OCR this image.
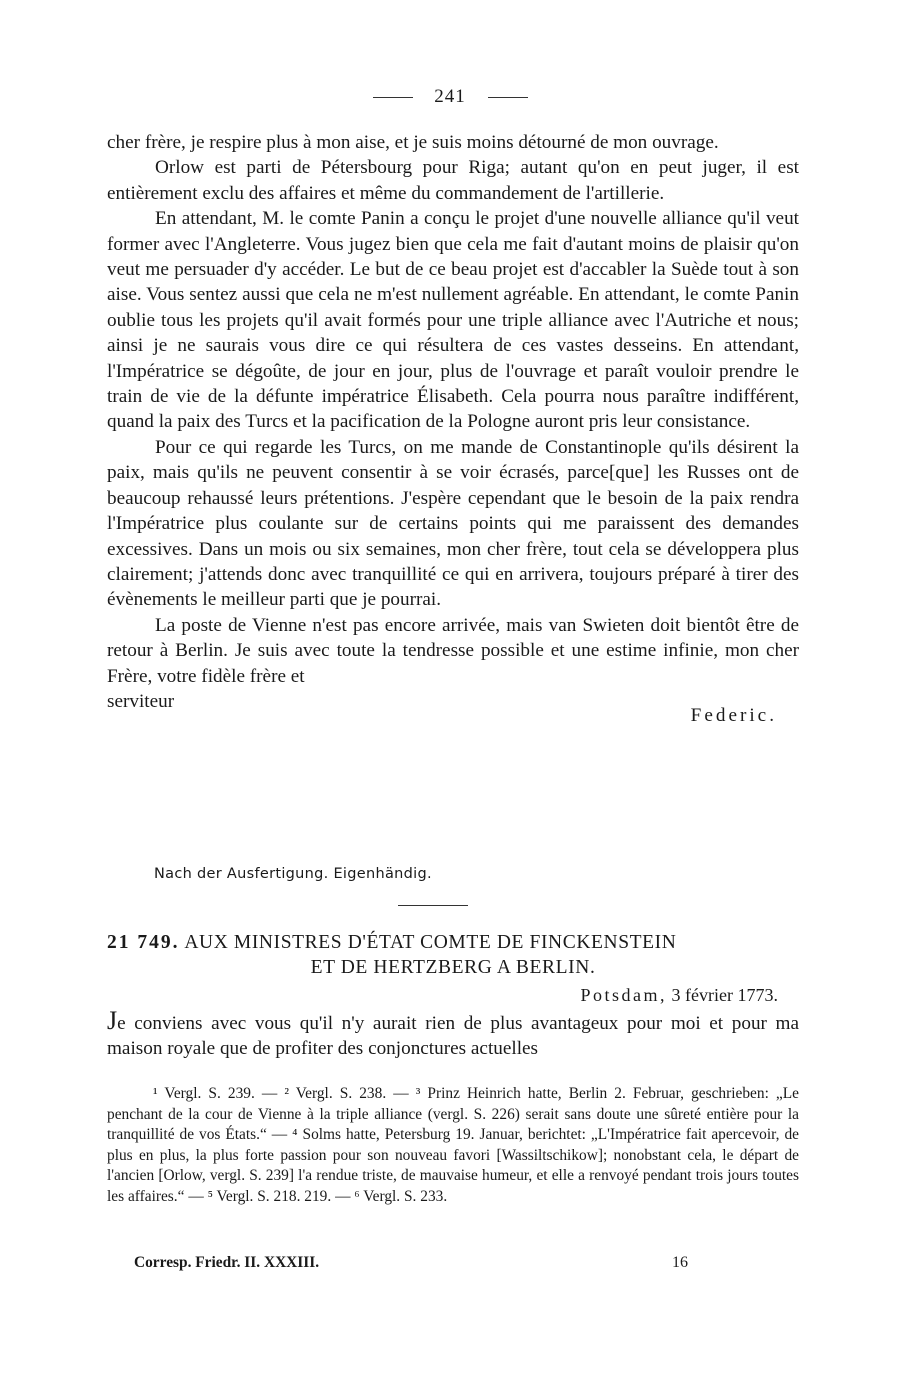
241

cher frère, je respire plus à mon aise, et je suis moins détourné de mon ouvrage.

Orlow est parti de Pétersbourg pour Riga; autant qu'on en peut juger, il est entièrement exclu des affaires et même du commandement de l'artillerie.

En attendant, M. le comte Panin a conçu le projet d'une nouvelle alliance qu'il veut former avec l'Angleterre. Vous jugez bien que cela me fait d'autant moins de plaisir qu'on veut me persuader d'y accéder. Le but de ce beau projet est d'accabler la Suède tout à son aise. Vous sentez aussi que cela ne m'est nullement agréable. En attendant, le comte Panin oublie tous les projets qu'il avait formés pour une triple alliance avec l'Autriche et nous; ainsi je ne saurais vous dire ce qui résultera de ces vastes desseins. En attendant, l'Impératrice se dégoûte, de jour en jour, plus de l'ouvrage et paraît vouloir prendre le train de vie de la défunte impératrice Élisabeth. Cela pourra nous paraître indifférent, quand la paix des Turcs et la pacification de la Pologne auront pris leur consistance.

Pour ce qui regarde les Turcs, on me mande de Constantinople qu'ils désirent la paix, mais qu'ils ne peuvent consentir à se voir écrasés, parce[que] les Russes ont de beaucoup rehaussé leurs prétentions. J'espère cependant que le besoin de la paix rendra l'Impératrice plus coulante sur de certains points qui me paraissent des demandes excessives. Dans un mois ou six semaines, mon cher frère, tout cela se développera plus clairement; j'attends donc avec tranquillité ce qui en arrivera, toujours préparé à tirer des évènements le meilleur parti que je pourrai.

La poste de Vienne n'est pas encore arrivée, mais van Swieten doit bientôt être de retour à Berlin. Je suis avec toute la tendresse possible et une estime infinie, mon cher Frère, votre fidèle frère et

serviteur
Federic.
Nach der Ausfertigung. Eigenhändig.
21 749. AUX MINISTRES D'ÉTAT COMTE DE FINCKENSTEIN
ET DE HERTZBERG A BERLIN.
Potsdam, 3 février 1773.
Je conviens avec vous qu'il n'y aurait rien de plus avantageux pour moi et pour ma maison royale que de profiter des conjonctures actuelles

¹ Vergl. S. 239. — ² Vergl. S. 238. — ³ Prinz Heinrich hatte, Berlin 2. Februar, geschrieben: „Le penchant de la cour de Vienne à la triple alliance (vergl. S. 226) serait sans doute une sûreté entière pour la tranquillité de vos États.“ — ⁴ Solms hatte, Petersburg 19. Januar, berichtet: „L'Impératrice fait apercevoir, de plus en plus, la plus forte passion pour son nouveau favori [Wassiltschikow]; nonobstant cela, le départ de l'ancien [Orlow, vergl. S. 239] l'a rendue triste, de mauvaise humeur, et elle a renvoyé pendant trois jours toutes les affaires.“ — ⁵ Vergl. S. 218. 219. — ⁶ Vergl. S. 233.

Corresp. Friedr. II. XXXIII.	16
